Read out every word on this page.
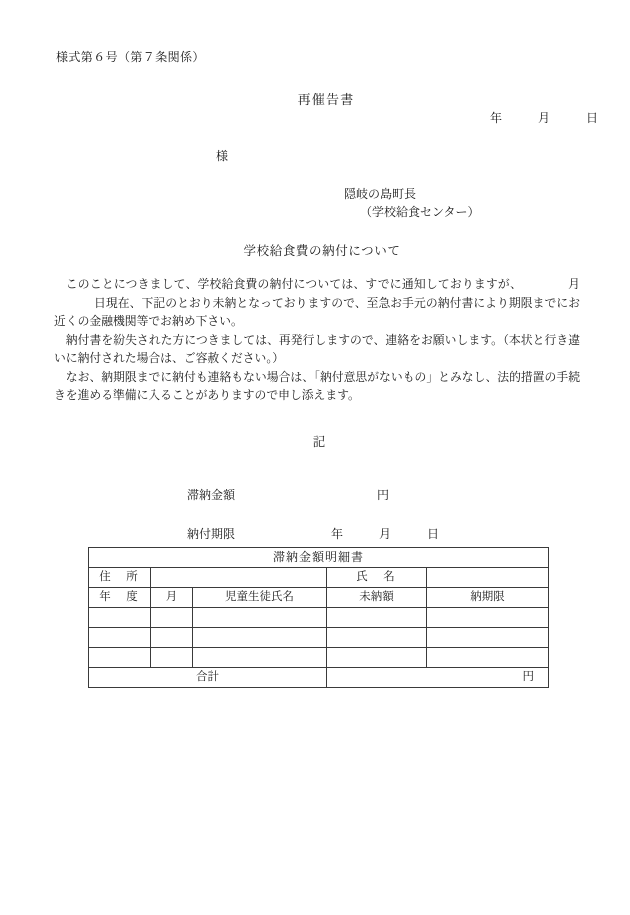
様式第６号（第７条関係）
再催告書
年　　　月　　　日
様
隠岐の島町長
（学校給食センター）
学校給食費の納付について

このことにつきまして、学校給食費の納付については、すでに通知しておりますが、	月日現在、下記のとおり未納となっておりますので、至急お手元の納付書により期限までにお近くの金融機関等でお納め下さい。

納付書を紛失された方につきましては、再発行しますので、連絡をお願いします。（本状と行き違いに納付された場合は、ご容赦ください。）

なお、納期限までに納付も連絡もない場合は、「納付意思がないもの」とみなし、法的措置の手続きを進める準備に入ることがありますので申し添えます。

記

滞納金額	円

納付期限	年　　　月　　　日

滞納金額明細書				
住　所			氏　名	
年　度	月	児童生徒氏名	未納額	納期限

合計			円	
